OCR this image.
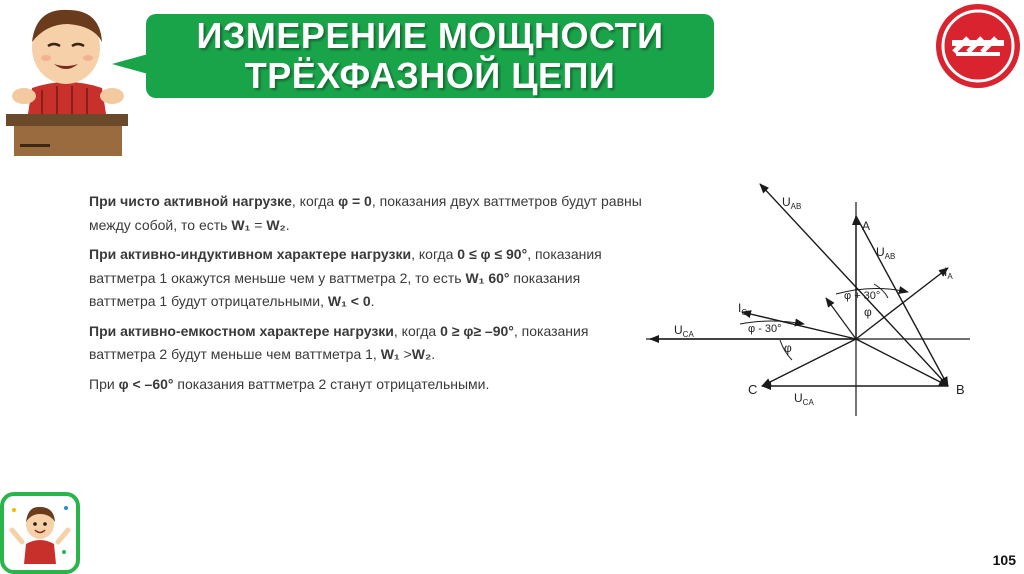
ИЗМЕРЕНИЕ МОЩНОСТИ
ТРЁХФАЗНОЙ ЦЕПИ

При чисто активной нагрузке, когда φ = 0, показания двух ваттметров будут равны между собой, то есть W₁ = W₂.

При активно-индуктивном характере нагрузки, когда 0 ≤ φ ≤ 90°, показания ваттметра 1 окажутся меньше чем у ваттметра 2, то есть W₁ 60° показания ваттметра 1 будут отрицательными, W₁ < 0.

При активно-емкостном характере нагрузки, когда 0 ≥ φ≥ –90°, показания ваттметра 2 будут меньше чем ваттметра 1, W₁ >W₂.

При φ < –60° показания ваттметра 2 станут отрицательными.

$U_{AB}$
A
$U_{AB}$
$I_A$
φ + 30°
φ
$I_C$
φ - 30°
$U_{CA}$
φ
C	B
$U_{CA}$
105
